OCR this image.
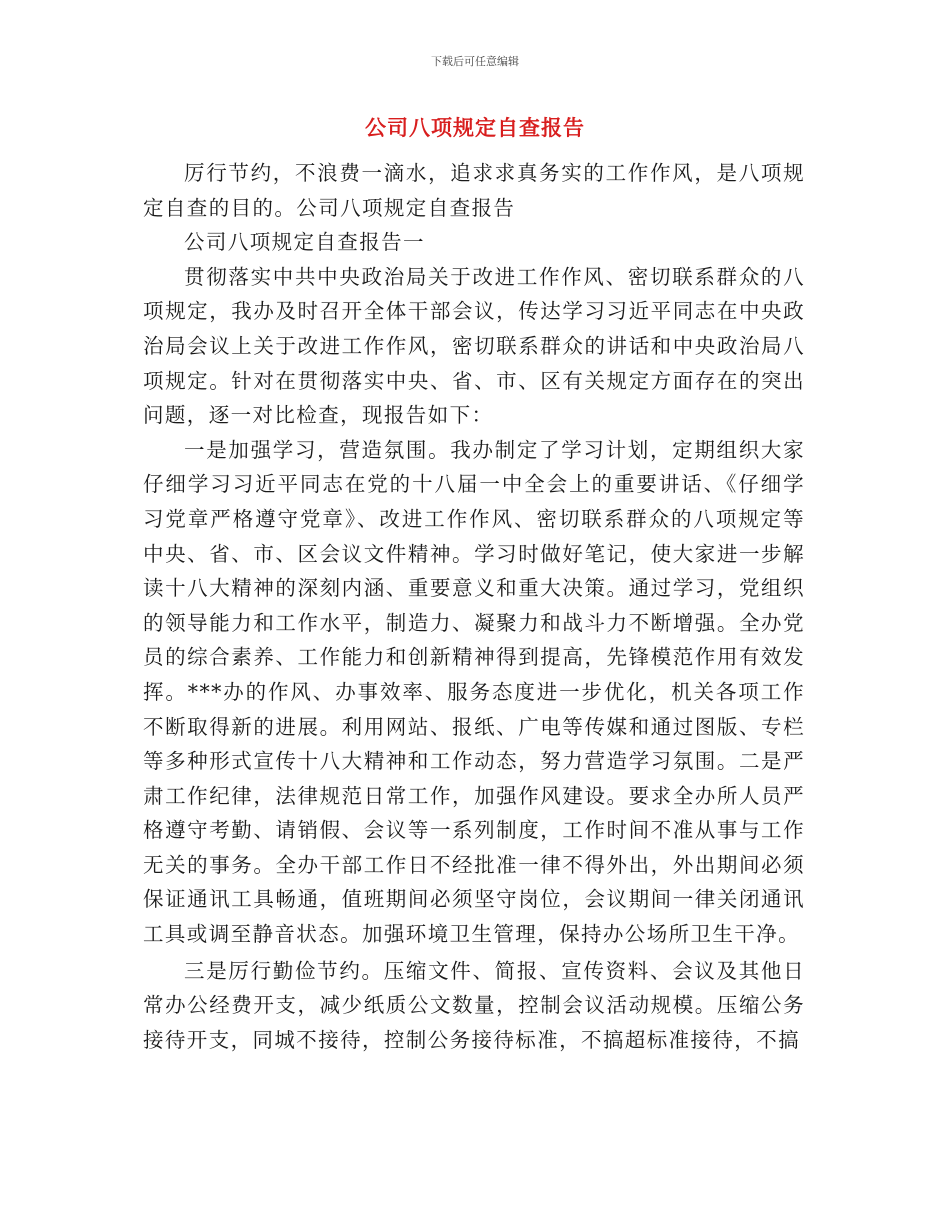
下载后可任意编辑
公司八项规定自查报告

厉行节约，不浪费一滴水，追求求真务实的工作作风，是八项规定自查的目的。公司八项规定自查报告

公司八项规定自查报告一

贯彻落实中共中央政治局关于改进工作作风、密切联系群众的八项规定，我办及时召开全体干部会议，传达学习习近平同志在中央政治局会议上关于改进工作作风，密切联系群众的讲话和中央政治局八项规定。针对在贯彻落实中央、省、市、区有关规定方面存在的突出问题，逐一对比检查，现报告如下：

一是加强学习，营造氛围。我办制定了学习计划，定期组织大家仔细学习习近平同志在党的十八届一中全会上的重要讲话、《仔细学习党章严格遵守党章》、改进工作作风、密切联系群众的八项规定等中央、省、市、区会议文件精神。学习时做好笔记，使大家进一步解读十八大精神的深刻内涵、重要意义和重大决策。通过学习，党组织的领导能力和工作水平，制造力、凝聚力和战斗力不断增强。全办党员的综合素养、工作能力和创新精神得到提高，先锋模范作用有效发挥。***办的作风、办事效率、服务态度进一步优化，机关各项工作不断取得新的进展。利用网站、报纸、广电等传媒和通过图版、专栏等多种形式宣传十八大精神和工作动态，努力营造学习氛围。二是严肃工作纪律，法律规范日常工作，加强作风建设。要求全办所人员严格遵守考勤、请销假、会议等一系列制度，工作时间不准从事与工作无关的事务。全办干部工作日不经批准一律不得外出，外出期间必须保证通讯工具畅通，值班期间必须坚守岗位，会议期间一律关闭通讯工具或调至静音状态。加强环境卫生管理，保持办公场所卫生干净。

三是厉行勤俭节约。压缩文件、简报、宣传资料、会议及其他日常办公经费开支，减少纸质公文数量，控制会议活动规模。压缩公务接待开支，同城不接待，控制公务接待标准，不搞超标准接待，不搞
